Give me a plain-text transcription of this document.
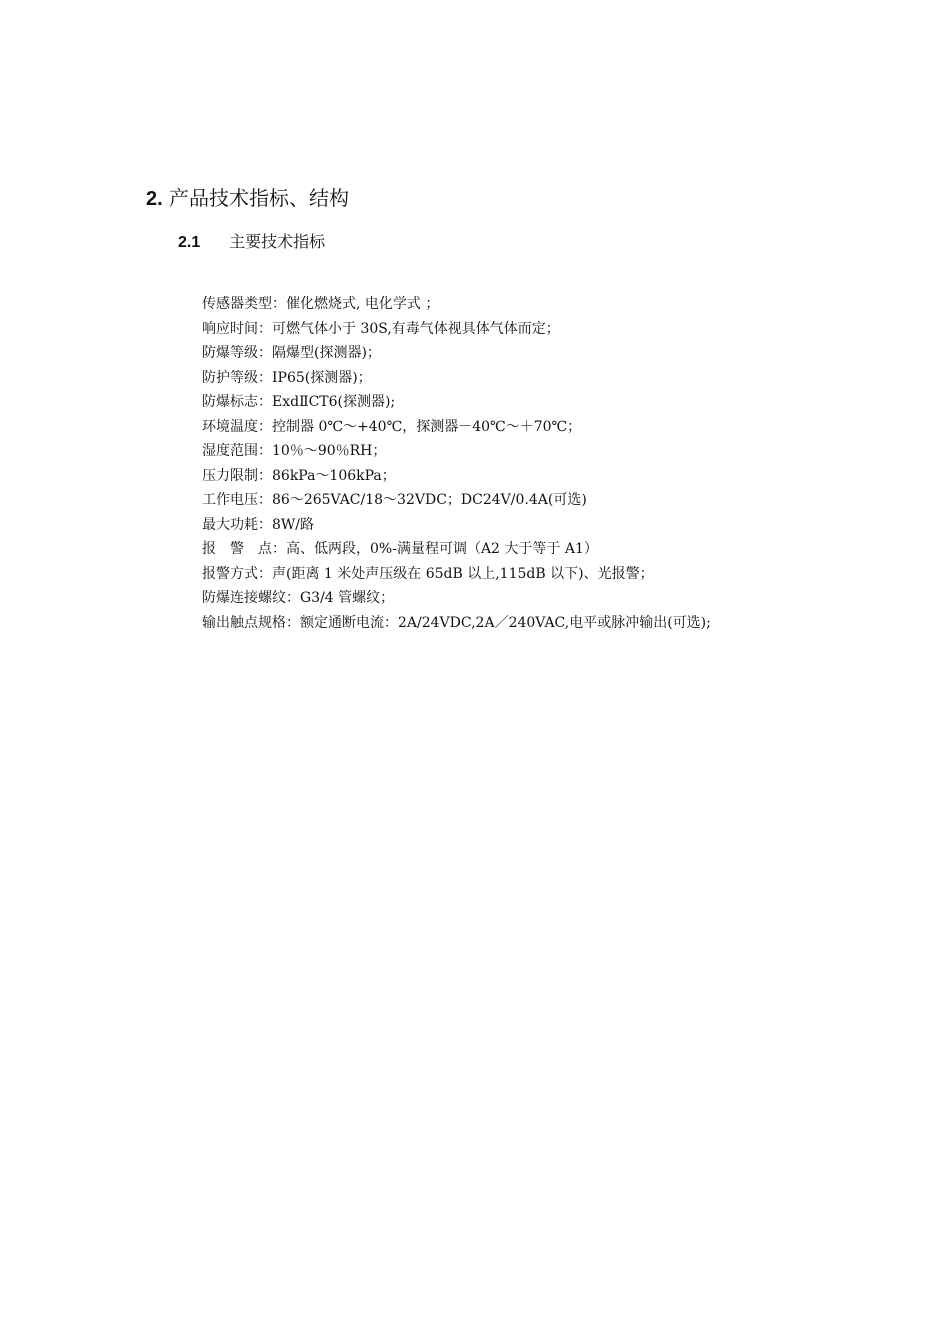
2. 产品技术指标、结构
2.1 主要技术指标
传感器类型：催化燃烧式, 电化学式 ；
响应时间：可燃气体小于 30S,有毒气体视具体气体而定；
防爆等级：隔爆型(探测器)；
防护等级：IP65(探测器)；
防爆标志：ExdⅡCT6(探测器);
环境温度：控制器 0℃～+40℃，探测器－40℃～＋70℃；
湿度范围：10％～90％RH；
压力限制：86kPa～106kPa；
工作电压：86～265VAC/18～32VDC；DC24V/0.4A(可选)
最大功耗：8W/路
报　警　点：高、低两段，0%-满量程可调（A2 大于等于 A1）
报警方式：声(距离 1 米处声压级在 65dB 以上,115dB 以下)、光报警；
防爆连接螺纹：G3/4 管螺纹；
输出触点规格：额定通断电流：2A/24VDC,2A／240VAC,电平或脉冲输出(可选);
